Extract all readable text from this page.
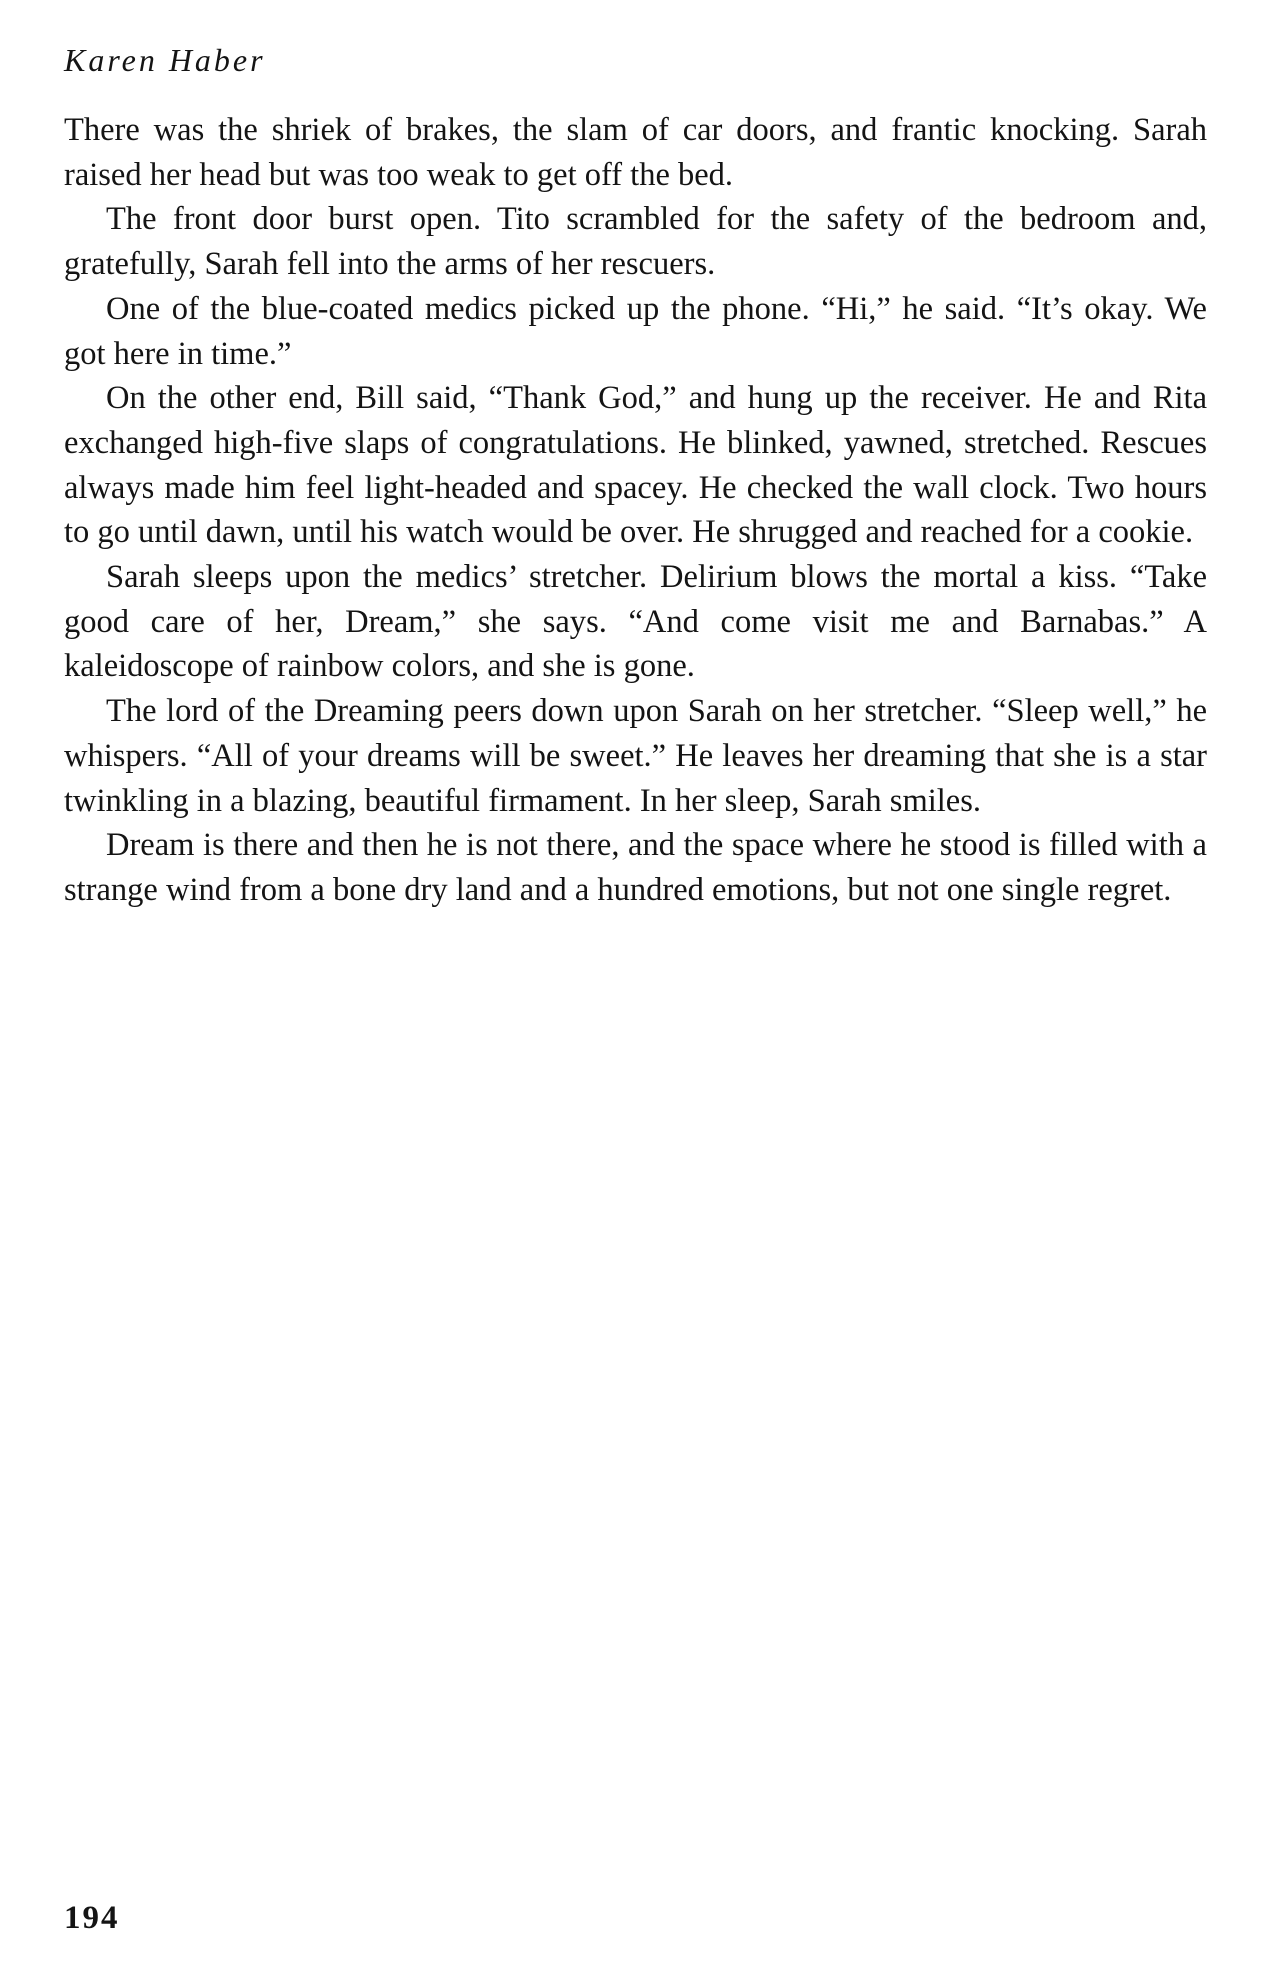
Karen Haber

There was the shriek of brakes, the slam of car doors, and frantic knocking. Sarah raised her head but was too weak to get off the bed.

The front door burst open. Tito scrambled for the safety of the bedroom and, gratefully, Sarah fell into the arms of her rescuers.

One of the blue-coated medics picked up the phone. “Hi,” he said. “It’s okay. We got here in time.”

On the other end, Bill said, “Thank God,” and hung up the receiver. He and Rita exchanged high-five slaps of congratulations. He blinked, yawned, stretched. Rescues always made him feel light-headed and spacey. He checked the wall clock. Two hours to go until dawn, until his watch would be over. He shrugged and reached for a cookie.

Sarah sleeps upon the medics’ stretcher. Delirium blows the mortal a kiss. “Take good care of her, Dream,” she says. “And come visit me and Barnabas.” A kaleidoscope of rainbow colors, and she is gone.

The lord of the Dreaming peers down upon Sarah on her stretcher. “Sleep well,” he whispers. “All of your dreams will be sweet.” He leaves her dreaming that she is a star twinkling in a blazing, beautiful firmament. In her sleep, Sarah smiles.

Dream is there and then he is not there, and the space where he stood is filled with a strange wind from a bone dry land and a hundred emotions, but not one single regret.

194
